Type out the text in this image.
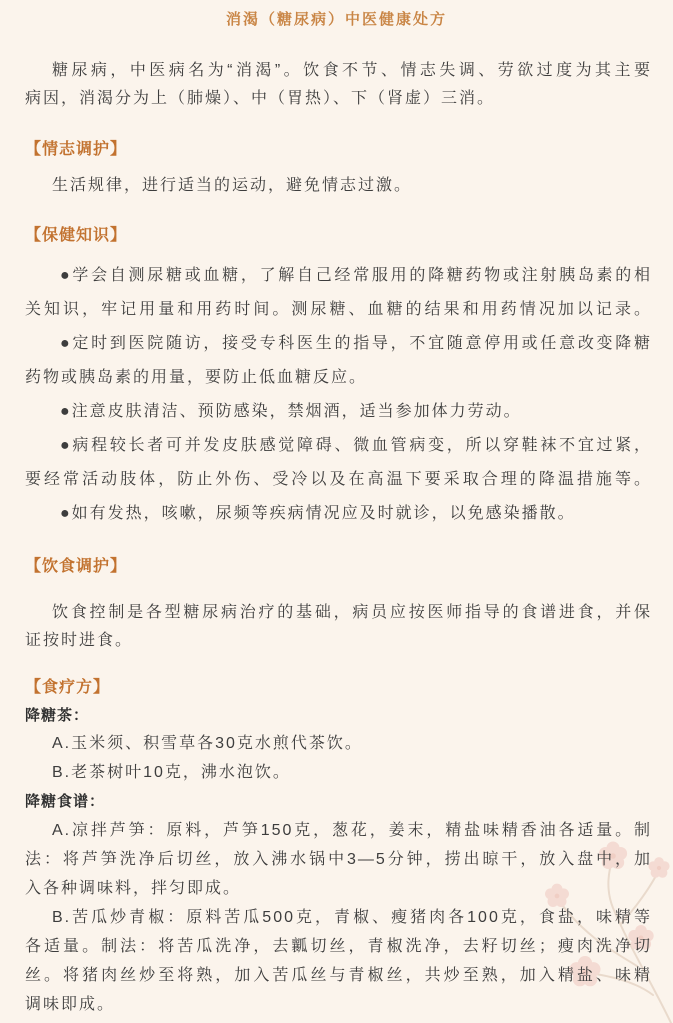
消渴（糖尿病）中医健康处方
糖尿病，中医病名为“消渴”。饮食不节、情志失调、劳欲过度为其主要
病因，消渴分为上（肺燥）、中（胃热）、下（肾虚）三消。
【情志调护】
生活规律，进行适当的运动，避免情志过激。
【保健知识】
●学会自测尿糖或血糖，了解自己经常服用的降糖药物或注射胰岛素的相
关知识，牢记用量和用药时间。测尿糖、血糖的结果和用药情况加以记录。
●定时到医院随访，接受专科医生的指导，不宜随意停用或任意改变降糖
药物或胰岛素的用量，要防止低血糖反应。
●注意皮肤清洁、预防感染，禁烟酒，适当参加体力劳动。
●病程较长者可并发皮肤感觉障碍、微血管病变，所以穿鞋袜不宜过紧，
要经常活动肢体，防止外伤、受冷以及在高温下要采取合理的降温措施等。
●如有发热，咳嗽，尿频等疾病情况应及时就诊，以免感染播散。
【饮食调护】
饮食控制是各型糖尿病治疗的基础，病员应按医师指导的食谱进食，并保
证按时进食。
【食疗方】
降糖茶：
A.玉米须、积雪草各30克水煎代茶饮。
B.老茶树叶10克，沸水泡饮。
降糖食谱：
A.凉拌芦笋：原料，芦笋150克，葱花，姜末，精盐味精香油各适量。制
法：将芦笋洗净后切丝，放入沸水锅中3—5分钟，捞出晾干，放入盘中，加
入各种调味料，拌匀即成。
B.苦瓜炒青椒：原料苦瓜500克，青椒、瘦猪肉各100克，食盐，味精等
各适量。制法：将苦瓜洗净，去瓤切丝，青椒洗净，去籽切丝；瘦肉洗净切
丝。将猪肉丝炒至将熟，加入苦瓜丝与青椒丝，共炒至熟，加入精盐、味精
调味即成。
